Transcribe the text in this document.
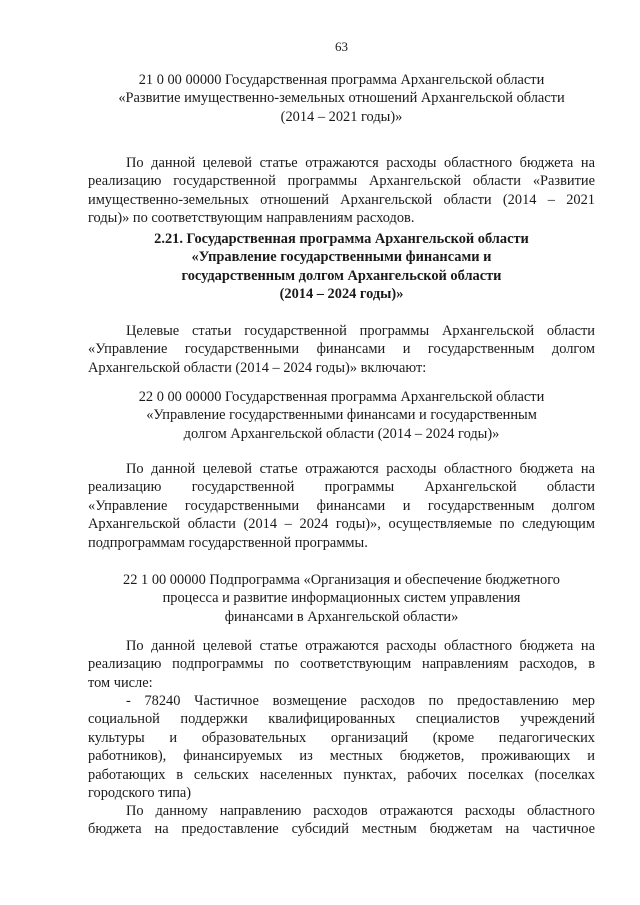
63
21 0 00 00000 Государственная программа Архангельской области
«Развитие имущественно-земельных отношений Архангельской области
(2014 – 2021 годы)»
По данной целевой статье отражаются расходы областного бюджета на
реализацию государственной программы Архангельской области «Развитие
имущественно-земельных отношений Архангельской области (2014 – 2021
годы)» по соответствующим направлениям расходов.
2.21. Государственная программа Архангельской области
«Управление государственными финансами и
государственным долгом Архангельской области
(2014 – 2024 годы)»
Целевые статьи государственной программы Архангельской области
«Управление государственными финансами и государственным долгом
Архангельской области (2014 – 2024 годы)» включают:
22 0 00 00000 Государственная программа Архангельской области
«Управление государственными финансами и государственным
долгом Архангельской области (2014 – 2024 годы)»
По данной целевой статье отражаются расходы областного бюджета на
реализацию государственной программы Архангельской области
«Управление государственными финансами и государственным долгом
Архангельской области (2014 – 2024 годы)», осуществляемые по следующим
подпрограммам государственной программы.
22 1 00 00000 Подпрограмма «Организация и обеспечение бюджетного
процесса и развитие информационных систем управления
финансами в Архангельской области»
По данной целевой статье отражаются расходы областного бюджета на
реализацию подпрограммы по соответствующим направлениям расходов, в
том числе:
- 78240 Частичное возмещение расходов по предоставлению мер
социальной поддержки квалифицированных специалистов учреждений
культуры и образовательных организаций (кроме педагогических
работников), финансируемых из местных бюджетов, проживающих и
работающих в сельских населенных пунктах, рабочих поселках (поселках
городского типа)
По данному направлению расходов отражаются расходы областного
бюджета на предоставление субсидий местным бюджетам на частичное
